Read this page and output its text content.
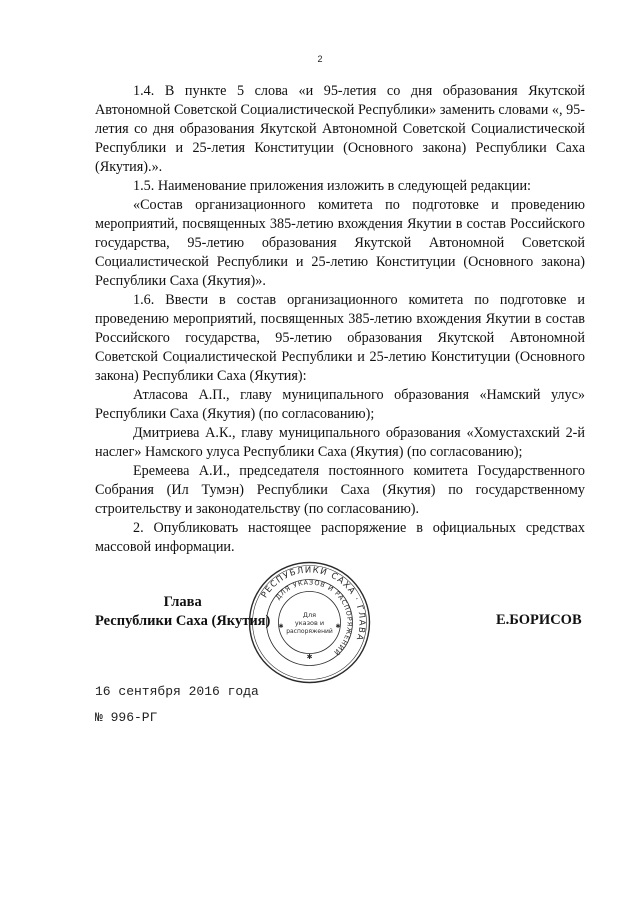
2

1.4. В пункте 5 слова «и 95-летия со дня образования Якутской Автономной Советской Социалистической Республики» заменить словами «, 95-летия со дня образования Якутской Автономной Советской Социалистической Республики и 25-летия Конституции (Основного закона) Республики Саха (Якутия).».

1.5. Наименование приложения изложить в следующей редакции:

«Состав организационного комитета по подготовке и проведению мероприятий, посвященных 385-летию вхождения Якутии в состав Российского государства, 95-летию образования Якутской Автономной Советской Социалистической Республики и 25-летию Конституции (Основного закона) Республики Саха (Якутия)».

1.6. Ввести в состав организационного комитета по подготовке и проведению мероприятий, посвященных 385-летию вхождения Якутии в состав Российского государства, 95-летию образования Якутской Автономной Советской Социалистической Республики и 25-летию Конституции (Основного закона) Республики Саха (Якутия):

Атласова А.П., главу муниципального образования «Намский улус» Республики Саха (Якутия) (по согласованию);

Дмитриева А.К., главу муниципального образования «Хомустахский 2-й наслег» Намского улуса Республики Саха (Якутия) (по согласованию);

Еремеева А.И., председателя постоянного комитета Государственного Собрания (Ил Тумэн) Республики Саха (Якутия) по государственному строительству и законодательству (по согласованию).

2. Опубликовать настоящее распоряжение в официальных средствах массовой информации.

Глава
Республики Саха (Якутия)
РЕСПУБЛИКИ САХА · ГЛАВА
ДЛЯ УКАЗОВ И РАСПОРЯЖЕНИЙ
Для
указов и
распоряжений
✱
✱	✱	Е.БОРИСОВ
16 сентября 2016 года
№ 996-РГ
